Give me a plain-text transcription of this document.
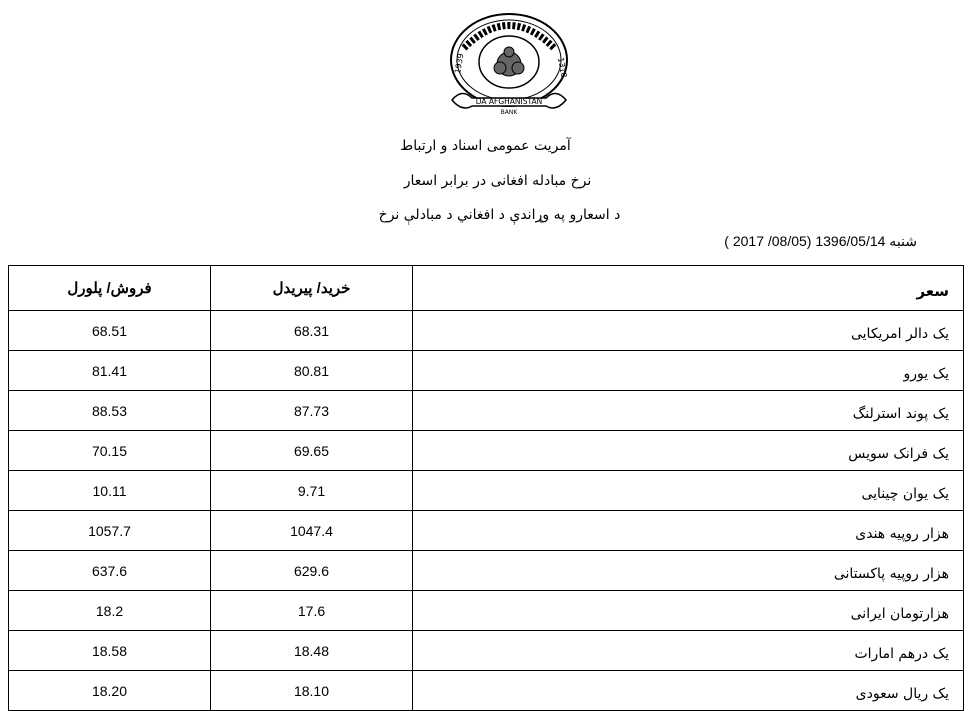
1939	1318
DA AFGHANISTAN
BANK
آمریت عمومی اسناد و ارتباط
نرخ مبادله افغانی در برابر اسعار
د اسعارو په وړاندې د افغاني د مبادلې نرخ
شنبه 1396/05/14 ( 2017 /08/05)
فروش/ پلورل	خرید/ پیریدل	سعر
68.51	68.31	یک دالر امریکایی
81.41	80.81	یک یورو
88.53	87.73	یک پوند استرلنگ
70.15	69.65	یک فرانک سویس
10.11	9.71	یک یوان چینایی
1057.7	1047.4	هزار روپیه هندی
637.6	629.6	هزار روپیه پاکستانی
18.2	17.6	هزارتومان ایرانی
18.58	18.48	یک درهم امارات
18.20	18.10	یک ریال سعودی
